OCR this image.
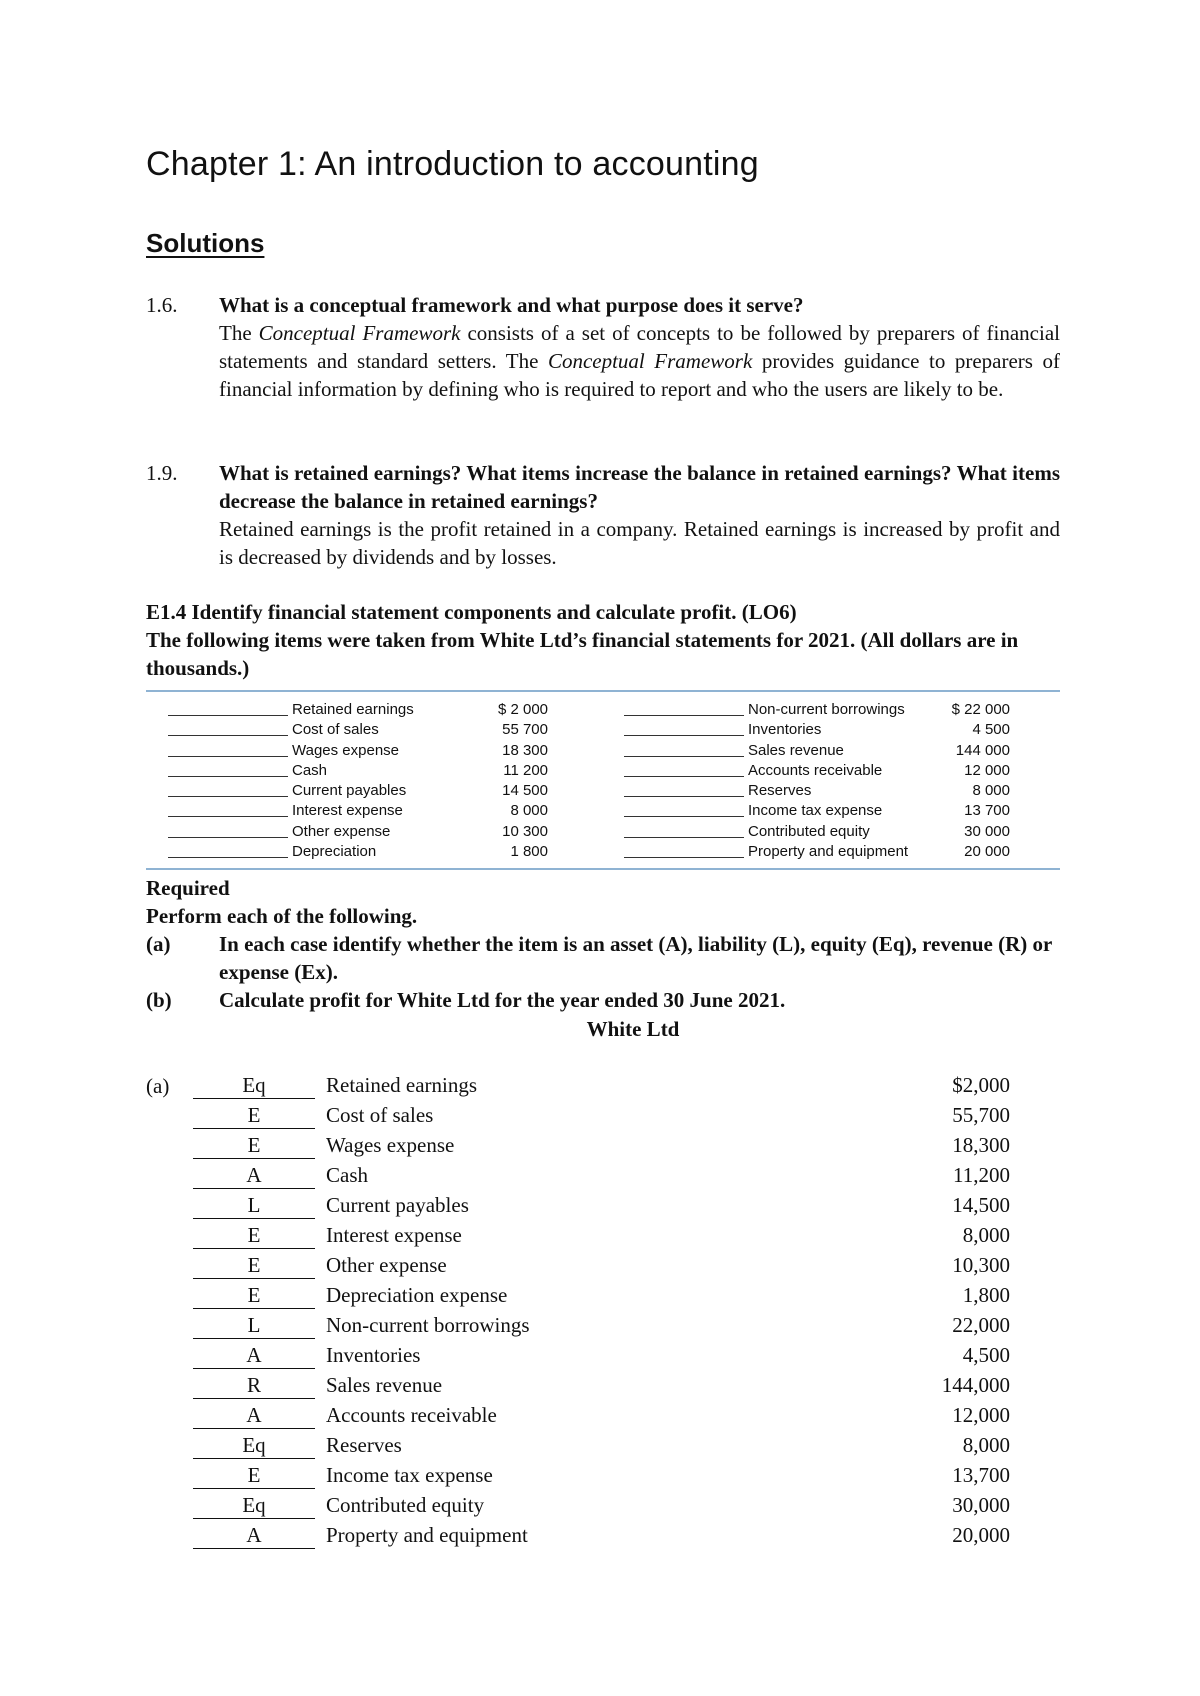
Chapter 1: An introduction to accounting
Solutions
1.6. What is a conceptual framework and what purpose does it serve?
The Conceptual Framework consists of a set of concepts to be followed by preparers of financial statements and standard setters. The Conceptual Framework provides guidance to preparers of financial information by defining who is required to report and who the users are likely to be.
1.9. What is retained earnings? What items increase the balance in retained earnings? What items decrease the balance in retained earnings?
Retained earnings is the profit retained in a company. Retained earnings is increased by profit and is decreased by dividends and by losses.
E1.4 Identify financial statement components and calculate profit. (LO6)
The following items were taken from White Ltd’s financial statements for 2021. (All dollars are in thousands.)
Retained earnings	$ 2 000
Cost of sales	55 700
Wages expense	18 300
Cash	11 200
Current payables	14 500
Interest expense	8 000
Other expense	10 300
Depreciation	1 800
Non-current borrowings	$ 22 000
Inventories	4 500
Sales revenue	144 000
Accounts receivable	12 000
Reserves	8 000
Income tax expense	13 700
Contributed equity	30 000
Property and equipment	20 000
Required
Perform each of the following.
(a) In each case identify whether the item is an asset (A), liability (L), equity (Eq), revenue (R) or expense (Ex).
(b) Calculate profit for White Ltd for the year ended 30 June 2021.
White Ltd
(a)	Eq	Retained earnings	$2,000
E	Cost of sales	55,700
E	Wages expense	18,300
A	Cash	11,200
L	Current payables	14,500
E	Interest expense	8,000
E	Other expense	10,300
E	Depreciation expense	1,800
L	Non-current borrowings	22,000
A	Inventories	4,500
R	Sales revenue	144,000
A	Accounts receivable	12,000
Eq	Reserves	8,000
E	Income tax expense	13,700
Eq	Contributed equity	30,000
A	Property and equipment	20,000
